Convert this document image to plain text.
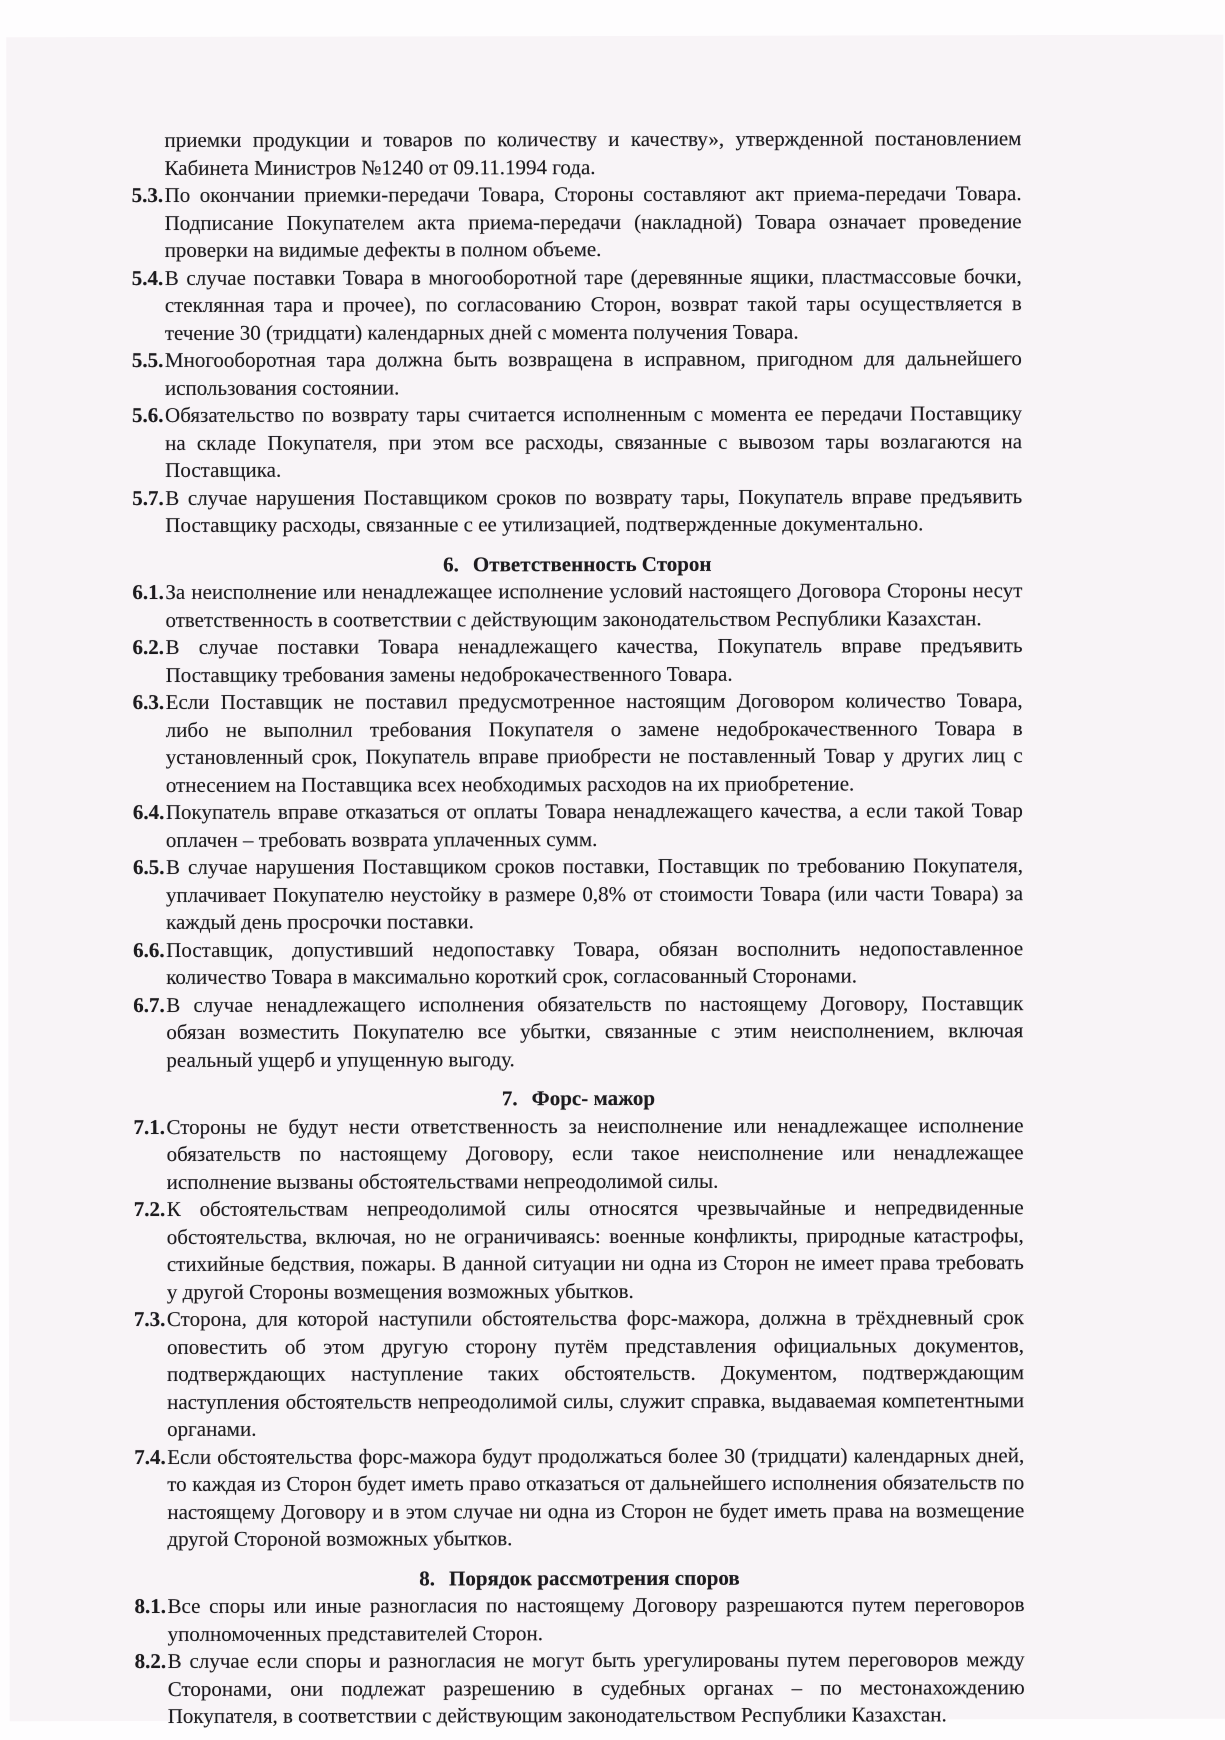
приемки продукции и товаров по количеству и качеству», утвержденной постановлением Кабинета Министров №1240 от 09.11.1994 года.
5.3.По окончании приемки-передачи Товара, Стороны составляют акт приема-передачи Товара. Подписание Покупателем акта приема-передачи (накладной) Товара означает проведение проверки на видимые дефекты в полном объеме.
5.4.В случае поставки Товара в многооборотной таре (деревянные ящики, пластмассовые бочки, стеклянная тара и прочее), по согласованию Сторон, возврат такой тары осуществляется в течение 30 (тридцати) календарных дней с момента получения Товара.
5.5.Многооборотная тара должна быть возвращена в исправном, пригодном для дальнейшего использования состоянии.
5.6.Обязательство по возврату тары считается исполненным с момента ее передачи Поставщику на складе Покупателя, при этом все расходы, связанные с вывозом тары возлагаются на Поставщика.
5.7.В случае нарушения Поставщиком сроков по возврату тары, Покупатель вправе предъявить Поставщику расходы, связанные с ее утилизацией, подтвержденные документально.
6. Ответственность Сторон
6.1.За неисполнение или ненадлежащее исполнение условий настоящего Договора Стороны несут ответственность в соответствии с действующим законодательством Республики Казахстан.
6.2.В случае поставки Товара ненадлежащего качества, Покупатель вправе предъявить Поставщику требования замены недоброкачественного Товара.
6.3.Если Поставщик не поставил предусмотренное настоящим Договором количество Товара, либо не выполнил требования Покупателя о замене недоброкачественного Товара в установленный срок, Покупатель вправе приобрести не поставленный Товар у других лиц с отнесением на Поставщика всех необходимых расходов на их приобретение.
6.4.Покупатель вправе отказаться от оплаты Товара ненадлежащего качества, а если такой Товар оплачен – требовать возврата уплаченных сумм.
6.5.В случае нарушения Поставщиком сроков поставки, Поставщик по требованию Покупателя, уплачивает Покупателю неустойку в размере 0,8% от стоимости Товара (или части Товара) за каждый день просрочки поставки.
6.6.Поставщик, допустивший недопоставку Товара, обязан восполнить недопоставленное количество Товара в максимально короткий срок, согласованный Сторонами.
6.7.В случае ненадлежащего исполнения обязательств по настоящему Договору, Поставщик обязан возместить Покупателю все убытки, связанные с этим неисполнением, включая реальный ущерб и упущенную выгоду.
7. Форс- мажор
7.1.Стороны не будут нести ответственность за неисполнение или ненадлежащее исполнение обязательств по настоящему Договору, если такое неисполнение или ненадлежащее исполнение вызваны обстоятельствами непреодолимой силы.
7.2.К обстоятельствам непреодолимой силы относятся чрезвычайные и непредвиденные обстоятельства, включая, но не ограничиваясь: военные конфликты, природные катастрофы, стихийные бедствия, пожары. В данной ситуации ни одна из Сторон не имеет права требовать у другой Стороны возмещения возможных убытков.
7.3.Сторона, для которой наступили обстоятельства форс-мажора, должна в трёхдневный срок оповестить об этом другую сторону путём представления официальных документов, подтверждающих наступление таких обстоятельств. Документом, подтверждающим наступления обстоятельств непреодолимой силы, служит справка, выдаваемая компетентными органами.
7.4.Если обстоятельства форс-мажора будут продолжаться более 30 (тридцати) календарных дней, то каждая из Сторон будет иметь право отказаться от дальнейшего исполнения обязательств по настоящему Договору и в этом случае ни одна из Сторон не будет иметь права на возмещение другой Стороной возможных убытков.
8. Порядок рассмотрения споров
8.1.Все споры или иные разногласия по настоящему Договору разрешаются путем переговоров уполномоченных представителей Сторон.
8.2.В случае если споры и разногласия не могут быть урегулированы путем переговоров между Сторонами, они подлежат разрешению в судебных органах – по местонахождению Покупателя, в соответствии с действующим законодательством Республики Казахстан.
